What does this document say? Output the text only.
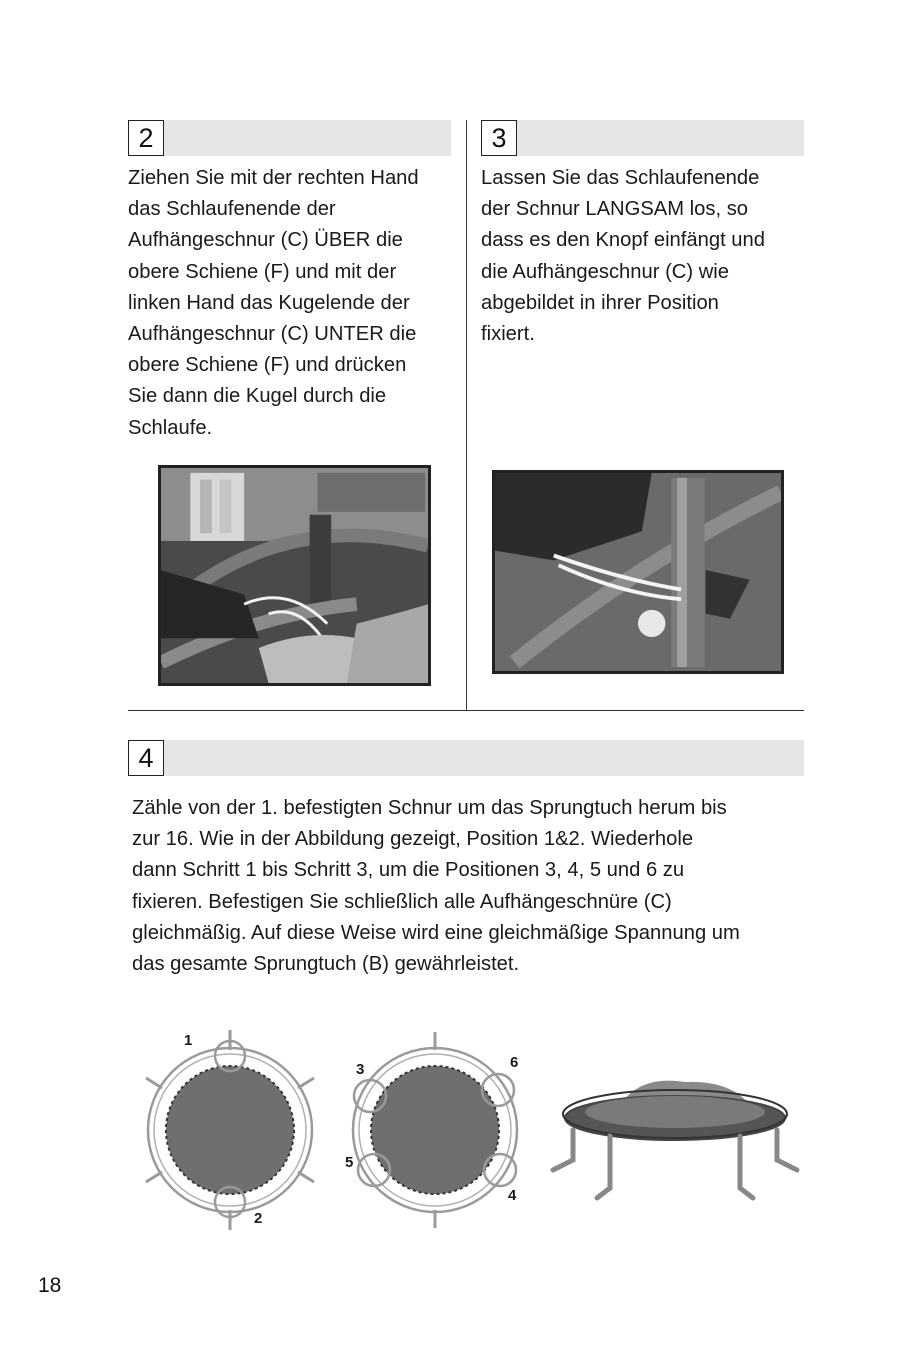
2
Ziehen Sie mit der rechten Hand
das Schlaufenende der
Aufhängeschnur (C) ÜBER die
obere Schiene (F) und mit der
linken Hand das Kugelende der
Aufhängeschnur (C) UNTER die
obere Schiene (F) und drücken
Sie dann die Kugel durch die
Schlaufe.
3
Lassen Sie das Schlaufenende
der Schnur LANGSAM los, so
dass es den Knopf einfängt und
die Aufhängeschnur (C) wie
abgebildet in ihrer Position
fixiert.
4
Zähle von der 1. befestigten Schnur um das Sprungtuch herum bis
zur 16. Wie in der Abbildung gezeigt, Position 1&2. Wiederhole
dann Schritt 1 bis Schritt 3, um die Positionen 3, 4, 5 und 6 zu
fixieren. Befestigen Sie schließlich alle Aufhängeschnüre (C)
gleichmäßig. Auf diese Weise wird eine gleichmäßige Spannung um
das gesamte Sprungtuch (B) gewährleistet.
1
2
3	6
5
4
18
